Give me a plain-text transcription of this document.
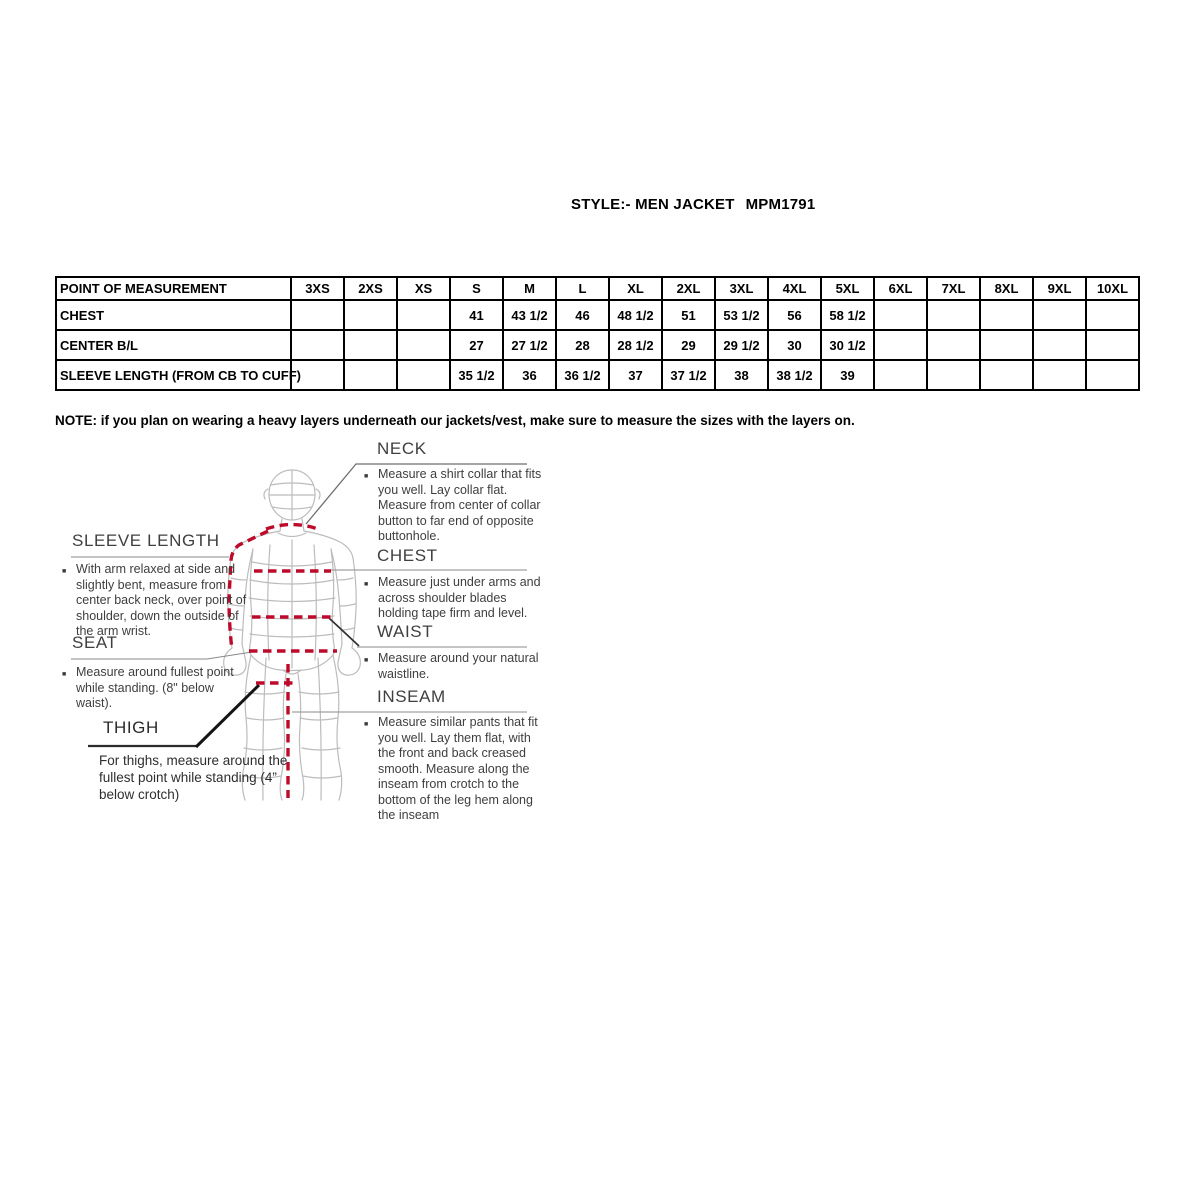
STYLE:- MEN JACKET MPM1791
POINT OF MEASUREMENT	3XS	2XS	XS	S	M	L	XL	2XL	3XL	4XL	5XL	6XL	7XL	8XL	9XL	10XL
CHEST				41	43 1/2	46	48 1/2	51	53 1/2	56	58 1/2					
CENTER B/L				27	27 1/2	28	28 1/2	29	29 1/2	30	30 1/2					
SLEEVE LENGTH (FROM CB TO CUFF)				35 1/2	36	36 1/2	37	37 1/2	38	38 1/2	39					
NOTE: if you plan on wearing a heavy layers underneath our jackets/vest, make sure to measure the sizes with the layers on.
NECK
■ Measure a shirt collar that fits you well. Lay collar flat. Measure from center of collar button to far end of opposite buttonhole.
CHEST
■ Measure just under arms and across shoulder blades holding tape firm and level.
WAIST
■ Measure around your natural waistline.
INSEAM
■ Measure similar pants that fit you well. Lay them flat, with the front and back creased smooth. Measure along the inseam from crotch to the bottom of the leg hem along the inseam
SLEEVE LENGTH
■ With arm relaxed at side and slightly bent, measure from center back neck, over point of shoulder, down the outside of the arm wrist.
SEAT
■ Measure around fullest point while standing. (8" below waist).
THIGH
For thighs, measure around the fullest point while standing (4” below crotch)
